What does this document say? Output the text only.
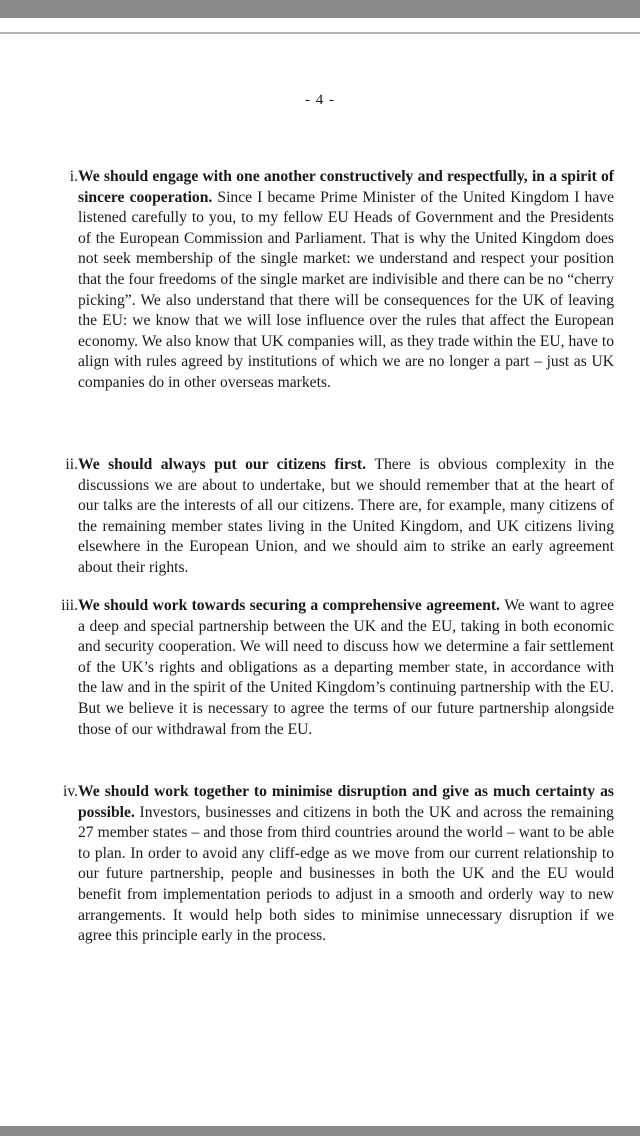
- 4 -
i. We should engage with one another constructively and respectfully, in a spirit of sincere cooperation. Since I became Prime Minister of the United Kingdom I have listened carefully to you, to my fellow EU Heads of Government and the Presidents of the European Commission and Parliament. That is why the United Kingdom does not seek membership of the single market: we understand and respect your position that the four freedoms of the single market are indivisible and there can be no “cherry picking”. We also understand that there will be consequences for the UK of leaving the EU: we know that we will lose influence over the rules that affect the European economy. We also know that UK companies will, as they trade within the EU, have to align with rules agreed by institutions of which we are no longer a part – just as UK companies do in other overseas markets.
ii. We should always put our citizens first. There is obvious complexity in the discussions we are about to undertake, but we should remember that at the heart of our talks are the interests of all our citizens. There are, for example, many citizens of the remaining member states living in the United Kingdom, and UK citizens living elsewhere in the European Union, and we should aim to strike an early agreement about their rights.
iii. We should work towards securing a comprehensive agreement. We want to agree a deep and special partnership between the UK and the EU, taking in both economic and security cooperation. We will need to discuss how we determine a fair settlement of the UK’s rights and obligations as a departing member state, in accordance with the law and in the spirit of the United Kingdom’s continuing partnership with the EU. But we believe it is necessary to agree the terms of our future partnership alongside those of our withdrawal from the EU.
iv. We should work together to minimise disruption and give as much certainty as possible. Investors, businesses and citizens in both the UK and across the remaining 27 member states – and those from third countries around the world – want to be able to plan. In order to avoid any cliff-edge as we move from our current relationship to our future partnership, people and businesses in both the UK and the EU would benefit from implementation periods to adjust in a smooth and orderly way to new arrangements. It would help both sides to minimise unnecessary disruption if we agree this principle early in the process.
